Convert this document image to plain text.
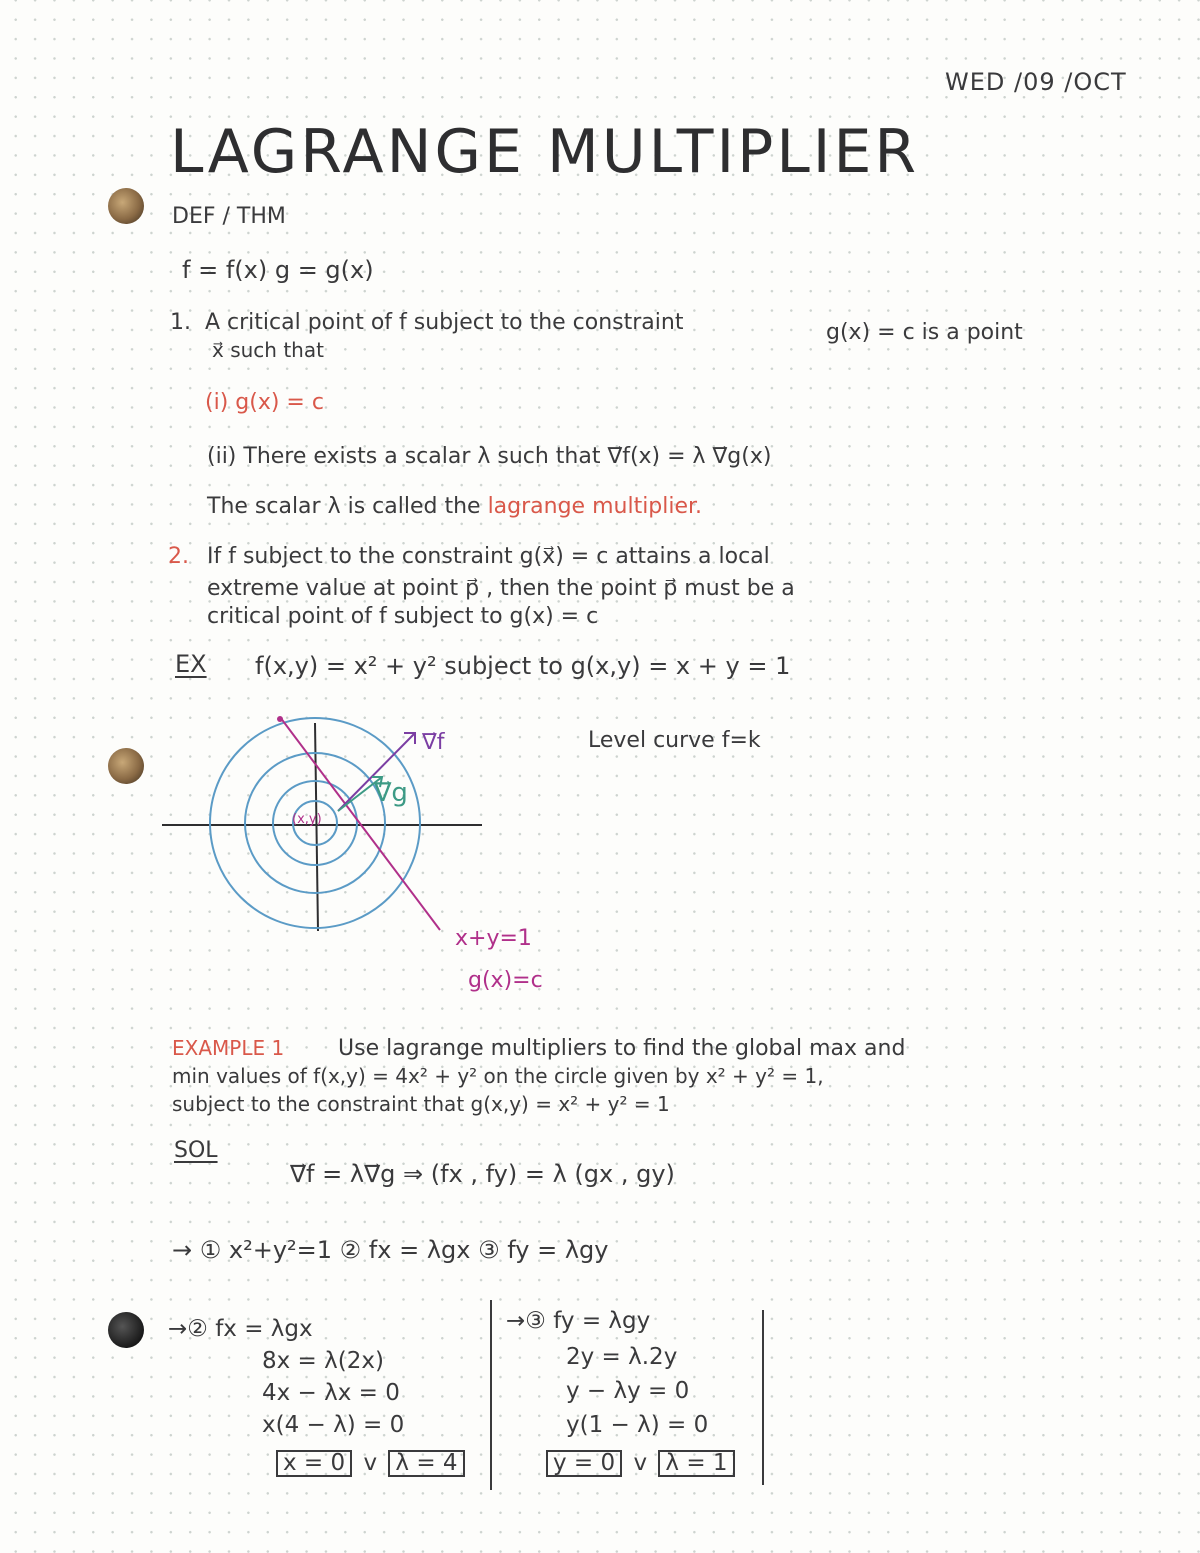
WED /09 /OCT
LAGRANGE MULTIPLIER
DEF / THM
f = f(x) g = g(x)
1. A critical point of f subject to the constraint	g(x) = c is a point
x⃗ such that
(i) g(x) = c
(ii) There exists a scalar λ such that ∇⃗f(x) = λ ∇⃗g(x)
The scalar λ is called the lagrange multiplier.
2. If f subject to the constraint g(x⃗) = c attains a local
extreme value at point p⃗ , then the point p⃗ must be a
critical point of f subject to g(x) = c
EX f(x,y) = x² + y² subject to g(x,y) = x + y = 1
∇⃗f
∇⃗g
(x,y)
x+y=1
g(x)=c
Level curve f=k
EXAMPLE 1 Use lagrange multipliers to find the global max and
min values of f(x,y) = 4x² + y² on the circle given by x² + y² = 1,
subject to the constraint that g(x,y) = x² + y² = 1
SOL
∇⃗f = λ∇⃗g ⇒ (fx , fy) = λ (gx , gy)
→ ① x²+y²=1 ② fx = λgx ③ fy = λgy
→② fx = λgx
8x = λ(2x)
4x − λx = 0
x(4 − λ) = 0
x = 0 v λ = 4
→③ fy = λgy
2y = λ.2y
y − λy = 0
y(1 − λ) = 0
y = 0 v λ = 1
